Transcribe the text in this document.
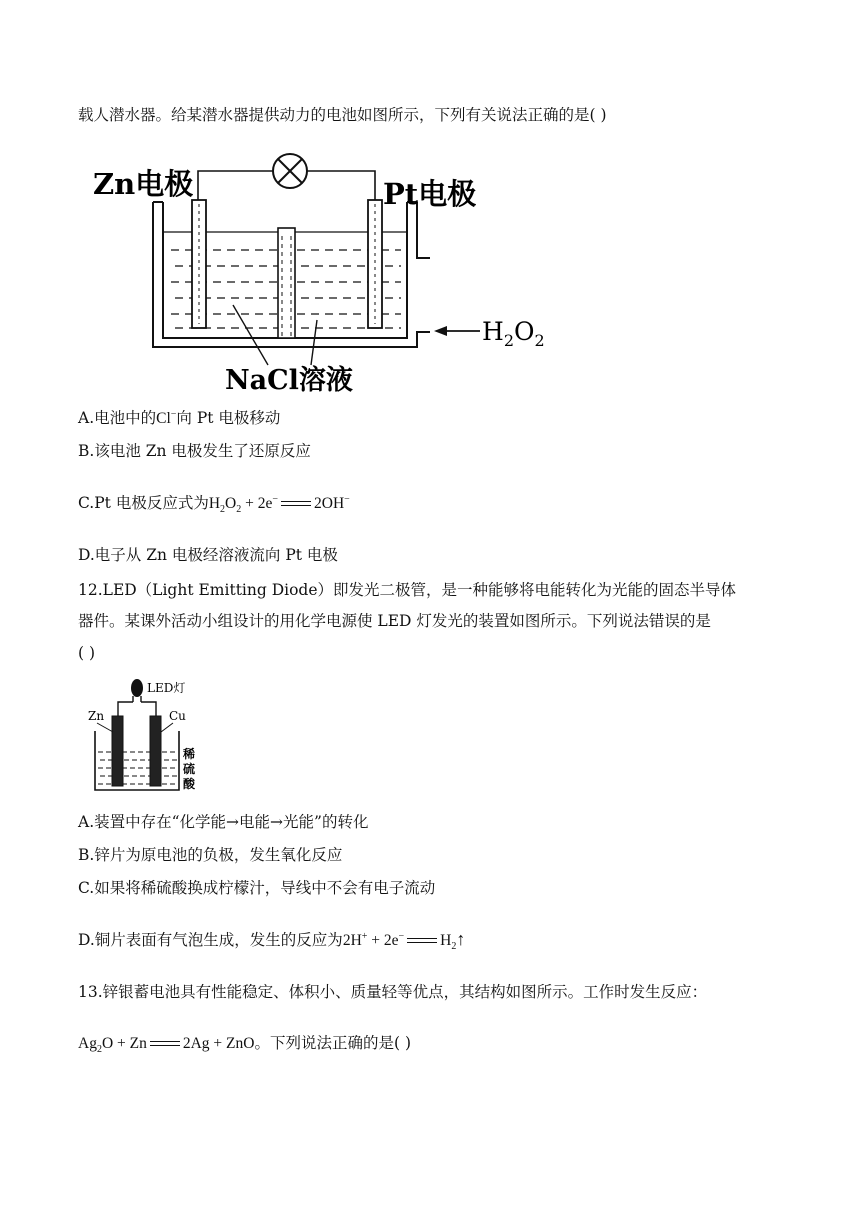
载人潜水器。给某潜水器提供动力的电池如图所示，下列有关说法正确的是( )
Zn电极	Pt电极
$H_2O_2$
NaCl溶液
A.电池中的Cl−向 Pt 电极移动
B.该电池 Zn 电极发生了还原反应
C.Pt 电极反应式为$H_2O_2 + 2e^-$ 2OH−
D.电子从 Zn 电极经溶液流向 Pt 电极
12.LED（Light Emitting Diode）即发光二极管，是一种能够将电能转化为光能的固态半导体
器件。某课外活动小组设计的用化学电源使 LED 灯发光的装置如图所示。下列说法错误的是
( )
LED灯
Zn	Cu
稀
硫
酸
A.装置中存在“化学能→电能→光能”的转化
B.锌片为原电池的负极，发生氧化反应
C.如果将稀硫酸换成柠檬汁，导线中不会有电子流动
D.铜片表面有气泡生成，发生的反应为2H+ + 2e− $H_2↑$
13.锌银蓄电池具有性能稳定、体积小、质量轻等优点，其结构如图所示。工作时发生反应：
$Ag_2O + Zn$ 2Ag + ZnO。下列说法正确的是( )
